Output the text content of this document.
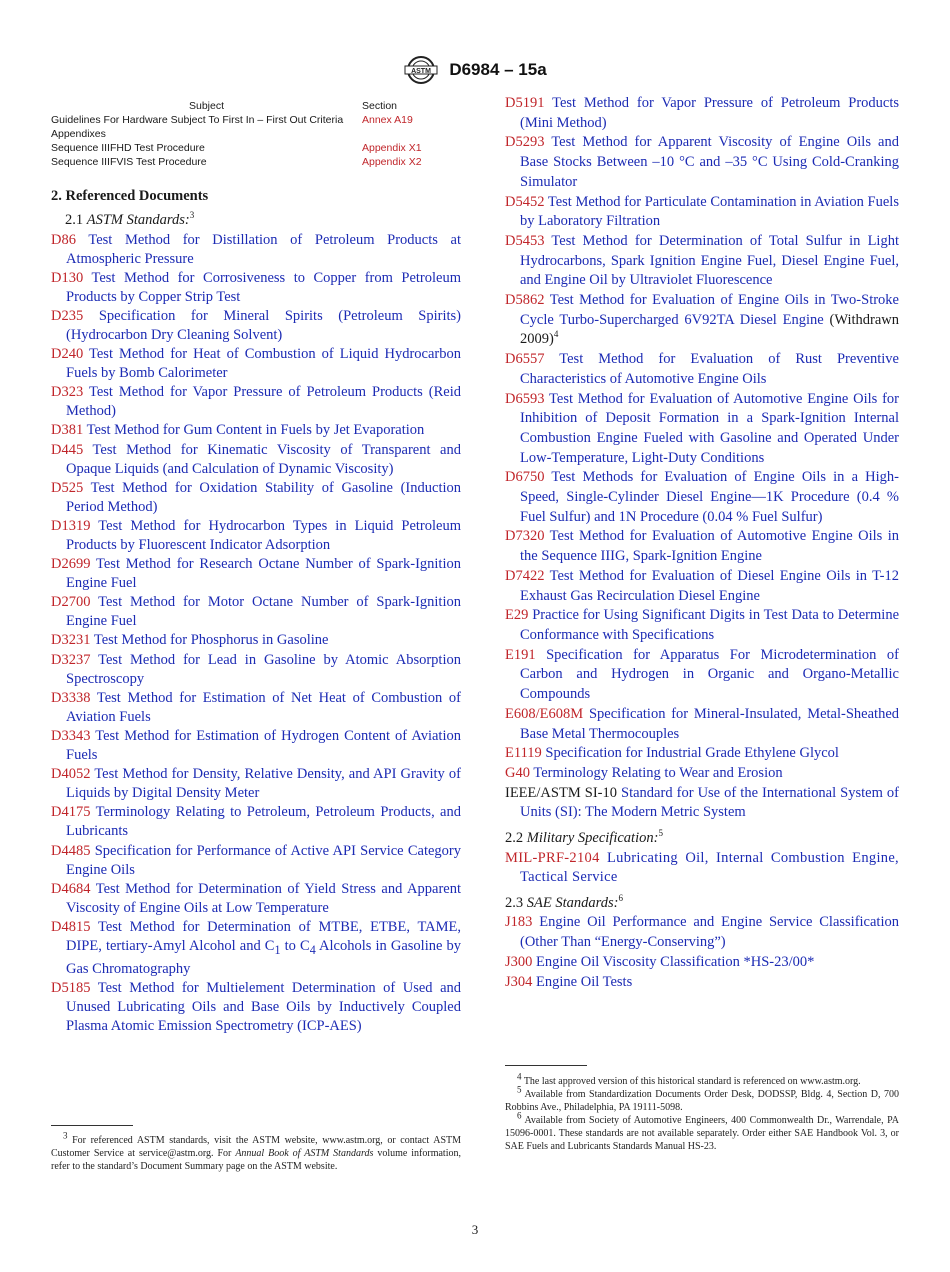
ASTM D6984 – 15a
Subject	Section
Guidelines For Hardware Subject To First In – First Out Criteria	Annex A19
Appendixes	
Sequence IIIFHD Test Procedure	Appendix X1
Sequence IIIFVIS Test Procedure	Appendix X2
2. Referenced Documents
2.1 ASTM Standards:$^3$

D86 Test Method for Distillation of Petroleum Products at Atmospheric Pressure

D130 Test Method for Corrosiveness to Copper from Petroleum Products by Copper Strip Test

D235 Specification for Mineral Spirits (Petroleum Spirits) (Hydrocarbon Dry Cleaning Solvent)

D240 Test Method for Heat of Combustion of Liquid Hydrocarbon Fuels by Bomb Calorimeter

D323 Test Method for Vapor Pressure of Petroleum Products (Reid Method)

D381 Test Method for Gum Content in Fuels by Jet Evaporation

D445 Test Method for Kinematic Viscosity of Transparent and Opaque Liquids (and Calculation of Dynamic Viscosity)

D525 Test Method for Oxidation Stability of Gasoline (Induction Period Method)

D1319 Test Method for Hydrocarbon Types in Liquid Petroleum Products by Fluorescent Indicator Adsorption

D2699 Test Method for Research Octane Number of Spark-Ignition Engine Fuel

D2700 Test Method for Motor Octane Number of Spark-Ignition Engine Fuel

D3231 Test Method for Phosphorus in Gasoline

D3237 Test Method for Lead in Gasoline by Atomic Absorption Spectroscopy

D3338 Test Method for Estimation of Net Heat of Combustion of Aviation Fuels

D3343 Test Method for Estimation of Hydrogen Content of Aviation Fuels

D4052 Test Method for Density, Relative Density, and API Gravity of Liquids by Digital Density Meter

D4175 Terminology Relating to Petroleum, Petroleum Products, and Lubricants

D4485 Specification for Performance of Active API Service Category Engine Oils

D4684 Test Method for Determination of Yield Stress and Apparent Viscosity of Engine Oils at Low Temperature

D4815 Test Method for Determination of MTBE, ETBE, TAME, DIPE, tertiary-Amyl Alcohol and $C_1$ to $C_4$ Alcohols in Gasoline by Gas Chromatography

D5185 Test Method for Multielement Determination of Used and Unused Lubricating Oils and Base Oils by Inductively Coupled Plasma Atomic Emission Spectrometry (ICP-AES)

D5191 Test Method for Vapor Pressure of Petroleum Products (Mini Method)

D5293 Test Method for Apparent Viscosity of Engine Oils and Base Stocks Between –10 °C and –35 °C Using Cold-Cranking Simulator

D5452 Test Method for Particulate Contamination in Aviation Fuels by Laboratory Filtration

D5453 Test Method for Determination of Total Sulfur in Light Hydrocarbons, Spark Ignition Engine Fuel, Diesel Engine Fuel, and Engine Oil by Ultraviolet Fluorescence

D5862 Test Method for Evaluation of Engine Oils in Two-Stroke Cycle Turbo-Supercharged 6V92TA Diesel Engine (Withdrawn 2009)$^4$

D6557 Test Method for Evaluation of Rust Preventive Characteristics of Automotive Engine Oils

D6593 Test Method for Evaluation of Automotive Engine Oils for Inhibition of Deposit Formation in a Spark-Ignition Internal Combustion Engine Fueled with Gasoline and Operated Under Low-Temperature, Light-Duty Conditions

D6750 Test Methods for Evaluation of Engine Oils in a High-Speed, Single-Cylinder Diesel Engine—1K Procedure (0.4 % Fuel Sulfur) and 1N Procedure (0.04 % Fuel Sulfur)

D7320 Test Method for Evaluation of Automotive Engine Oils in the Sequence IIIG, Spark-Ignition Engine

D7422 Test Method for Evaluation of Diesel Engine Oils in T-12 Exhaust Gas Recirculation Diesel Engine

E29 Practice for Using Significant Digits in Test Data to Determine Conformance with Specifications

E191 Specification for Apparatus For Microdetermination of Carbon and Hydrogen in Organic and Organo-Metallic Compounds

E608/E608M Specification for Mineral-Insulated, Metal-Sheathed Base Metal Thermocouples

E1119 Specification for Industrial Grade Ethylene Glycol

G40 Terminology Relating to Wear and Erosion

IEEE/ASTM SI-10 Standard for Use of the International System of Units (SI): The Modern Metric System

2.2 Military Specification:$^5$

MIL-PRF-2104 Lubricating Oil, Internal Combustion Engine, Tactical Service

2.3 SAE Standards:$^6$

J183 Engine Oil Performance and Engine Service Classification (Other Than “Energy-Conserving”)

J300 Engine Oil Viscosity Classification *HS-23/00*

J304 Engine Oil Tests

$^3$ For referenced ASTM standards, visit the ASTM website, www.astm.org, or contact ASTM Customer Service at service@astm.org. For Annual Book of ASTM Standards volume information, refer to the standard’s Document Summary page on the ASTM website.

$^4$ The last approved version of this historical standard is referenced on www.astm.org.

$^5$ Available from Standardization Documents Order Desk, DODSSP, Bldg. 4, Section D, 700 Robbins Ave., Philadelphia, PA 19111-5098.

$^6$ Available from Society of Automotive Engineers, 400 Commonwealth Dr., Warrendale, PA 15096-0001. These standards are not available separately. Order either SAE Handbook Vol. 3, or SAE Fuels and Lubricants Standards Manual HS-23.

3
